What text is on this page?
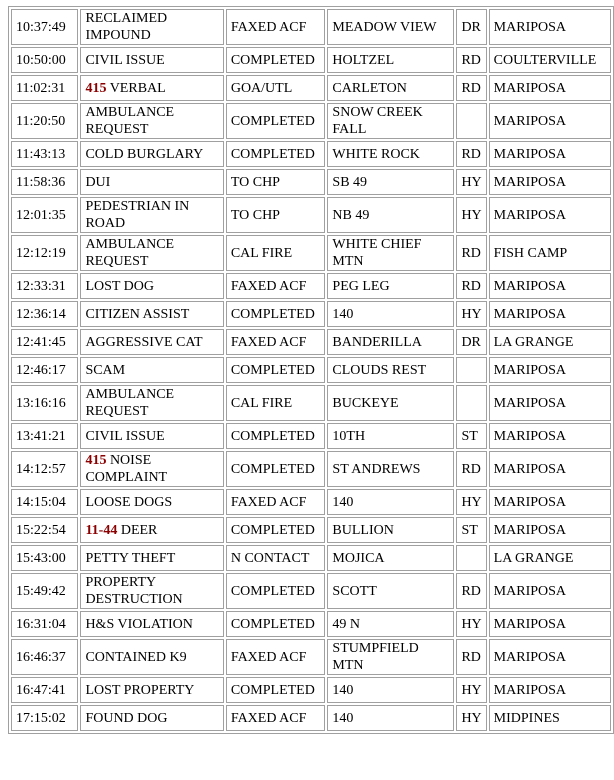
10:37:49	RECLAIMED IMPOUND	FAXED ACF	MEADOW VIEW	DR	MARIPOSA
10:50:00	CIVIL ISSUE	COMPLETED	HOLTZEL	RD	COULTERVILLE
11:02:31	415 VERBAL	GOA/UTL	CARLETON	RD	MARIPOSA
11:20:50	AMBULANCE REQUEST	COMPLETED	SNOW CREEK FALL		MARIPOSA
11:43:13	COLD BURGLARY	COMPLETED	WHITE ROCK	RD	MARIPOSA
11:58:36	DUI	TO CHP	SB 49	HY	MARIPOSA
12:01:35	PEDESTRIAN IN ROAD	TO CHP	NB 49	HY	MARIPOSA
12:12:19	AMBULANCE REQUEST	CAL FIRE	WHITE CHIEF MTN	RD	FISH CAMP
12:33:31	LOST DOG	FAXED ACF	PEG LEG	RD	MARIPOSA
12:36:14	CITIZEN ASSIST	COMPLETED	140	HY	MARIPOSA
12:41:45	AGGRESSIVE CAT	FAXED ACF	BANDERILLA	DR	LA GRANGE
12:46:17	SCAM	COMPLETED	CLOUDS REST		MARIPOSA
13:16:16	AMBULANCE REQUEST	CAL FIRE	BUCKEYE		MARIPOSA
13:41:21	CIVIL ISSUE	COMPLETED	10TH	ST	MARIPOSA
14:12:57	415 NOISE COMPLAINT	COMPLETED	ST ANDREWS	RD	MARIPOSA
14:15:04	LOOSE DOGS	FAXED ACF	140	HY	MARIPOSA
15:22:54	11-44 DEER	COMPLETED	BULLION	ST	MARIPOSA
15:43:00	PETTY THEFT	N CONTACT	MOJICA		LA GRANGE
15:49:42	PROPERTY DESTRUCTION	COMPLETED	SCOTT	RD	MARIPOSA
16:31:04	H&S VIOLATION	COMPLETED	49 N	HY	MARIPOSA
16:46:37	CONTAINED K9	FAXED ACF	STUMPFIELD MTN	RD	MARIPOSA
16:47:41	LOST PROPERTY	COMPLETED	140	HY	MARIPOSA
17:15:02	FOUND DOG	FAXED ACF	140	HY	MIDPINES
